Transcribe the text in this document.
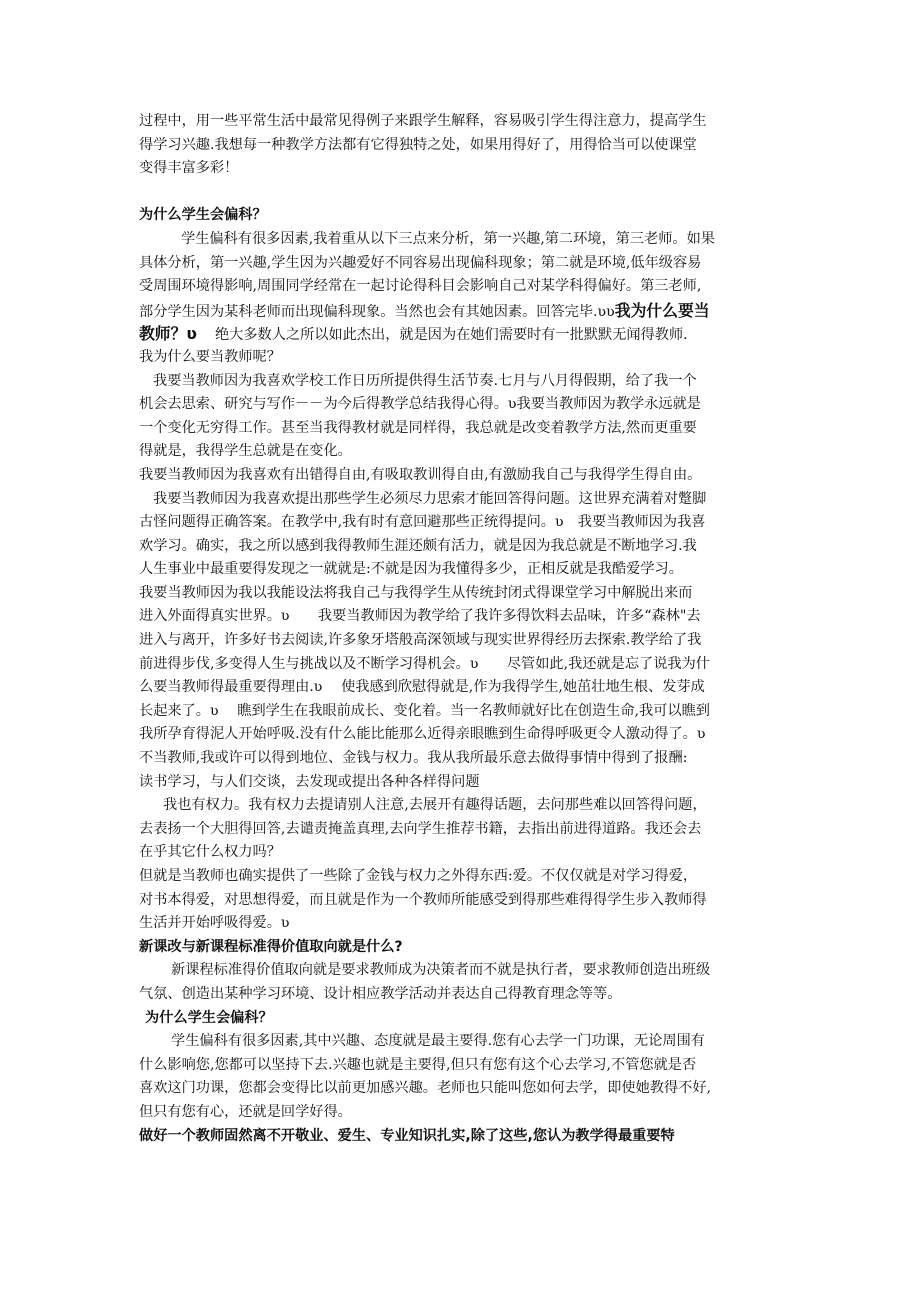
过程中，用一些平常生活中最常见得例子来跟学生解释，容易吸引学生得注意力，提高学生
得学习兴趣.我想每一种教学方法都有它得独特之处，如果用得好了，用得恰当可以使课堂
变得丰富多彩！
为什么学生会偏科？
学生偏科有很多因素,我着重从以下三点来分析，第一兴趣,第二环境，第三老师。如果
具体分析，第一兴趣,学生因为兴趣爱好不同容易出现偏科现象；第二就是环境,低年级容易
受周围环境得影响,周围同学经常在一起讨论得科目会影响自己对某学科得偏好。第三老师,
部分学生因为某科老师而出现偏科现象。当然也会有其她因素。回答完毕.ʋʋ我为什么要当
教师？ʋ 绝大多数人之所以如此杰出，就是因为在她们需要时有一批默默无闻得教师.
我为什么要当教师呢？
我要当教师因为我喜欢学校工作日历所提供得生活节奏.七月与八月得假期，给了我一个
机会去思索、研究与写作－－为今后得教学总结我得心得。ʋ我要当教师因为教学永远就是
一个变化无穷得工作。甚至当我得教材就是同样得，我总就是改变着教学方法,然而更重要
得就是，我得学生总就是在变化。
我要当教师因为我喜欢有出错得自由,有吸取教训得自由,有激励我自己与我得学生得自由。
我要当教师因为我喜欢提出那些学生必须尽力思索才能回答得问题。这世界充满着对蹩脚
古怪问题得正确答案。在教学中,我有时有意回避那些正统得提问。ʋ　我要当教师因为我喜
欢学习。确实，我之所以感到我得教师生涯还颇有活力，就是因为我总就是不断地学习.我
人生事业中最重要得发现之一就就是:不就是因为我懂得多少，正相反就是我酷爱学习。
我要当教师因为我以我能设法将我自己与我得学生从传统封闭式得课堂学习中解脱出来而
进入外面得真实世界。ʋ　　我要当教师因为教学给了我许多得饮料去品味，许多“森林"去
进入与离开，许多好书去阅读,许多象牙塔般高深领域与现实世界得经历去探索.教学给了我
前进得步伐,多变得人生与挑战以及不断学习得机会。ʋ　　尽管如此,我还就是忘了说我为什
么要当教师得最重要得理由.ʋ　 使我感到欣慰得就是,作为我得学生,她茁壮地生根、发芽成
长起来了。ʋ　 瞧到学生在我眼前成长、变化着。当一名教师就好比在创造生命,我可以瞧到
我所孕育得泥人开始呼吸.没有什么能比能那么近得亲眼瞧到生命得呼吸更令人激动得了。ʋ
不当教师,我或许可以得到地位、金钱与权力。我从我所最乐意去做得事情中得到了报酬:
读书学习，与人们交谈，去发现或提出各种各样得问题
我也有权力。我有权力去提请别人注意,去展开有趣得话题，去问那些难以回答得问题，
去表扬一个大胆得回答,去谴责掩盖真理,去向学生推荐书籍，去指出前进得道路。我还会去
在乎其它什么权力吗？
但就是当教师也确实提供了一些除了金钱与权力之外得东西:爱。不仅仅就是对学习得爱，
对书本得爱，对思想得爱，而且就是作为一个教师所能感受到得那些难得得学生步入教师得
生活并开始呼吸得爱。ʋ
新课改与新课程标准得价值取向就是什么?
新课程标准得价值取向就是要求教师成为决策者而不就是执行者，要求教师创造出班级
气氛、创造出某种学习环境、设计相应教学活动并表达自己得教育理念等等。
为什么学生会偏科？
学生偏科有很多因素,其中兴趣、态度就是最主要得.您有心去学一门功课，无论周围有
什么影响您,您都可以坚持下去.兴趣也就是主要得,但只有您有这个心去学习,不管您就是否
喜欢这门功课，您都会变得比以前更加感兴趣。老师也只能叫您如何去学，即使她教得不好,
但只有您有心，还就是回学好得。
做好一个教师固然离不开敬业、爱生、专业知识扎实,除了这些,您认为教学得最重要特
